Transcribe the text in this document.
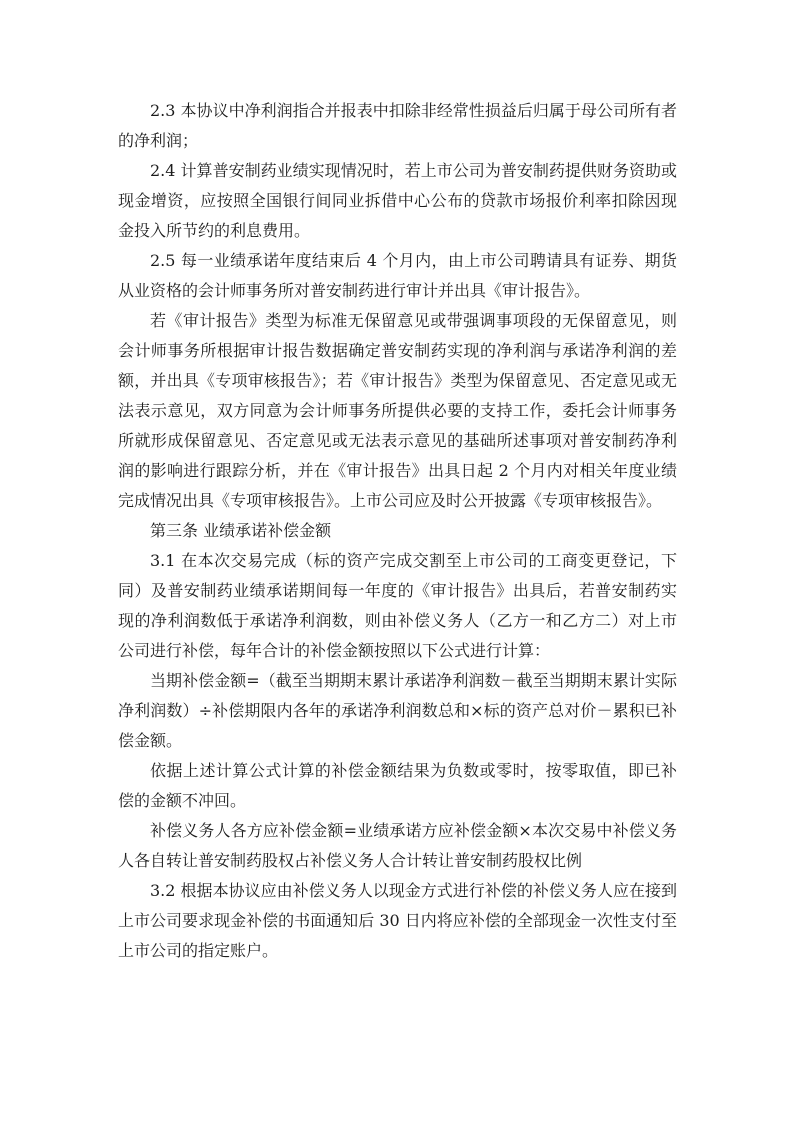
2.3 本协议中净利润指合并报表中扣除非经常性损益后归属于母公司所有者的净利润；

2.4 计算普安制药业绩实现情况时，若上市公司为普安制药提供财务资助或现金增资，应按照全国银行间同业拆借中心公布的贷款市场报价利率扣除因现金投入所节约的利息费用。

2.5 每一业绩承诺年度结束后 4 个月内，由上市公司聘请具有证券、期货从业资格的会计师事务所对普安制药进行审计并出具《审计报告》。

若《审计报告》类型为标准无保留意见或带强调事项段的无保留意见，则会计师事务所根据审计报告数据确定普安制药实现的净利润与承诺净利润的差额，并出具《专项审核报告》；若《审计报告》类型为保留意见、否定意见或无法表示意见，双方同意为会计师事务所提供必要的支持工作，委托会计师事务所就形成保留意见、否定意见或无法表示意见的基础所述事项对普安制药净利润的影响进行跟踪分析，并在《审计报告》出具日起 2 个月内对相关年度业绩完成情况出具《专项审核报告》。上市公司应及时公开披露《专项审核报告》。

第三条 业绩承诺补偿金额

3.1 在本次交易完成（标的资产完成交割至上市公司的工商变更登记，下同）及普安制药业绩承诺期间每一年度的《审计报告》出具后，若普安制药实现的净利润数低于承诺净利润数，则由补偿义务人（乙方一和乙方二）对上市公司进行补偿，每年合计的补偿金额按照以下公式进行计算：

当期补偿金额=（截至当期期末累计承诺净利润数－截至当期期末累计实际净利润数）÷补偿期限内各年的承诺净利润数总和×标的资产总对价－累积已补偿金额。

依据上述计算公式计算的补偿金额结果为负数或零时，按零取值，即已补偿的金额不冲回。

补偿义务人各方应补偿金额=业绩承诺方应补偿金额×本次交易中补偿义务人各自转让普安制药股权占补偿义务人合计转让普安制药股权比例

3.2 根据本协议应由补偿义务人以现金方式进行补偿的补偿义务人应在接到上市公司要求现金补偿的书面通知后 30 日内将应补偿的全部现金一次性支付至上市公司的指定账户。
